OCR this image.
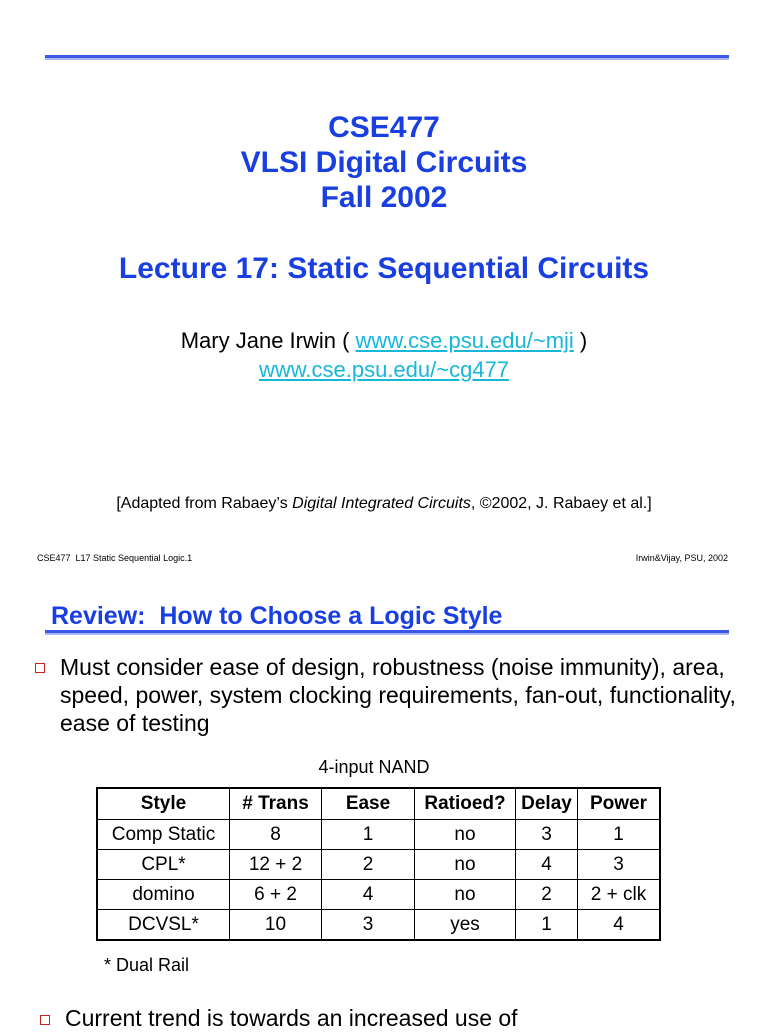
CSE477
VLSI Digital Circuits
Fall 2002
Lecture 17: Static Sequential Circuits
Mary Jane Irwin ( www.cse.psu.edu/~mji )
www.cse.psu.edu/~cg477
[Adapted from Rabaey’s Digital Integrated Circuits, ©2002, J. Rabaey et al.]
CSE477  L17 Static Sequential Logic.1	Irwin&Vijay, PSU, 2002
Review:  How to Choose a Logic Style
Must consider ease of design, robustness (noise immunity), area, speed, power, system clocking requirements, fan-out, functionality, ease of testing
4-input NAND
Style	# Trans	Ease	Ratioed?	Delay	Power
Comp Static	8	1	no	3	1
CPL*	12 + 2	2	no	4	3
domino	6 + 2	4	no	2	2 + clk
DCVSL*	10	3	yes	1	4
* Dual Rail
Current trend is towards an increased use of
